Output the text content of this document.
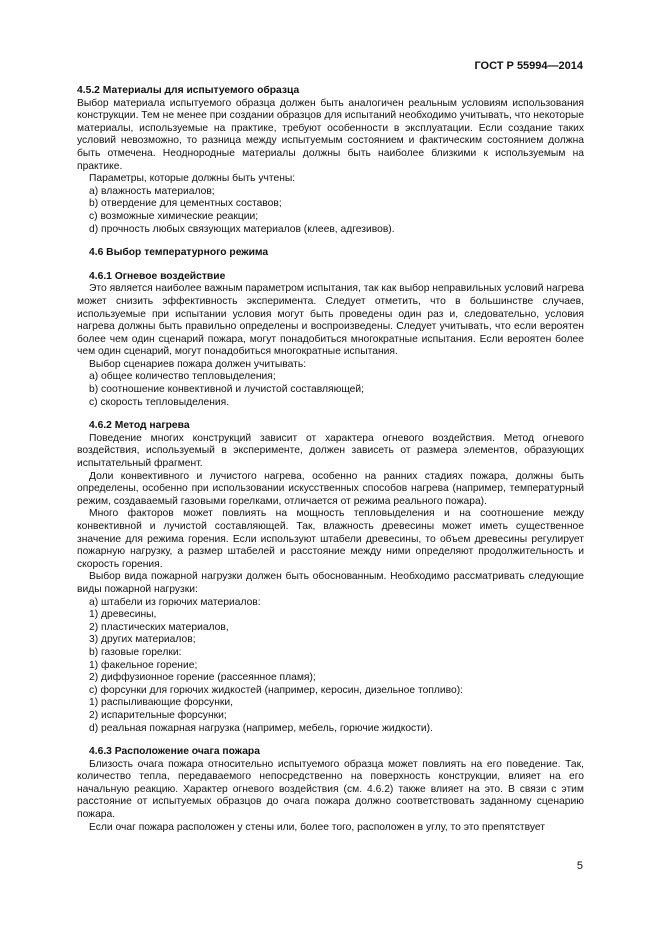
ГОСТ Р 55994—2014
4.5.2 Материалы для испытуемого образца
Выбор материала испытуемого образца должен быть аналогичен реальным условиям использования конструкции. Тем не менее при создании образцов для испытаний необходимо учитывать, что некоторые материалы, используемые на практике, требуют особенности в эксплуатации. Если создание таких условий невозможно, то разница между испытуемым состоянием и фактическим состоянием должна быть отмечена. Неоднородные материалы должны быть наиболее близкими к используемым на практике.
Параметры, которые должны быть учтены:
a) влажность материалов;
b) отвердение для цементных составов;
c) возможные химические реакции;
d) прочность любых связующих материалов (клеев, адгезивов).
4.6 Выбор температурного режима
4.6.1 Огневое воздействие
Это является наиболее важным параметром испытания, так как выбор неправильных условий нагрева может снизить эффективность эксперимента. Следует отметить, что в большинстве случаев, используемые при испытании условия могут быть проведены один раз и, следовательно, условия нагрева должны быть правильно определены и воспроизведены. Следует учитывать, что если вероятен более чем один сценарий пожара, могут понадобиться многократные испытания. Если вероятен более чем один сценарий, могут понадобиться многократные испытания.
Выбор сценариев пожара должен учитывать:
a) общее количество тепловыделения;
b) соотношение конвективной и лучистой составляющей;
c) скорость тепловыделения.
4.6.2 Метод нагрева
Поведение многих конструкций зависит от характера огневого воздействия. Метод огневого воздействия, используемый в эксперименте, должен зависеть от размера элементов, образующих испытательный фрагмент.
Доли конвективного и лучистого нагрева, особенно на ранних стадиях пожара, должны быть определены, особенно при использовании искусственных способов нагрева (например, температурный режим, создаваемый газовыми горелками, отличается от режима реального пожара).
Много факторов может повлиять на мощность тепловыделения и на соотношение между конвективной и лучистой составляющей. Так, влажность древесины может иметь существенное значение для режима горения. Если используют штабели древесины, то объем древесины регулирует пожарную нагрузку, а размер штабелей и расстояние между ними определяют продолжительность и скорость горения.
Выбор вида пожарной нагрузки должен быть обоснованным. Необходимо рассматривать следующие виды пожарной нагрузки:
а) штабели из горючих материалов:
1) древесины,
2) пластических материалов,
3) других материалов;
b) газовые горелки:
1) факельное горение;
2) диффузионное горение (рассеянное пламя);
c) форсунки для горючих жидкостей (например, керосин, дизельное топливо):
1) распыливающие форсунки,
2) испарительные форсунки;
d) реальная пожарная нагрузка (например, мебель, горючие жидкости).
4.6.3 Расположение очага пожара
Близость очага пожара относительно испытуемого образца может повлиять на его поведение. Так, количество тепла, передаваемого непосредственно на поверхность конструкции, влияет на его начальную реакцию. Характер огневого воздействия (см. 4.6.2) также влияет на это. В связи с этим расстояние от испытуемых образцов до очага пожара должно соответствовать заданному сценарию пожара.
Если очаг пожара расположен у стены или, более того, расположен в углу, то это препятствует
5
